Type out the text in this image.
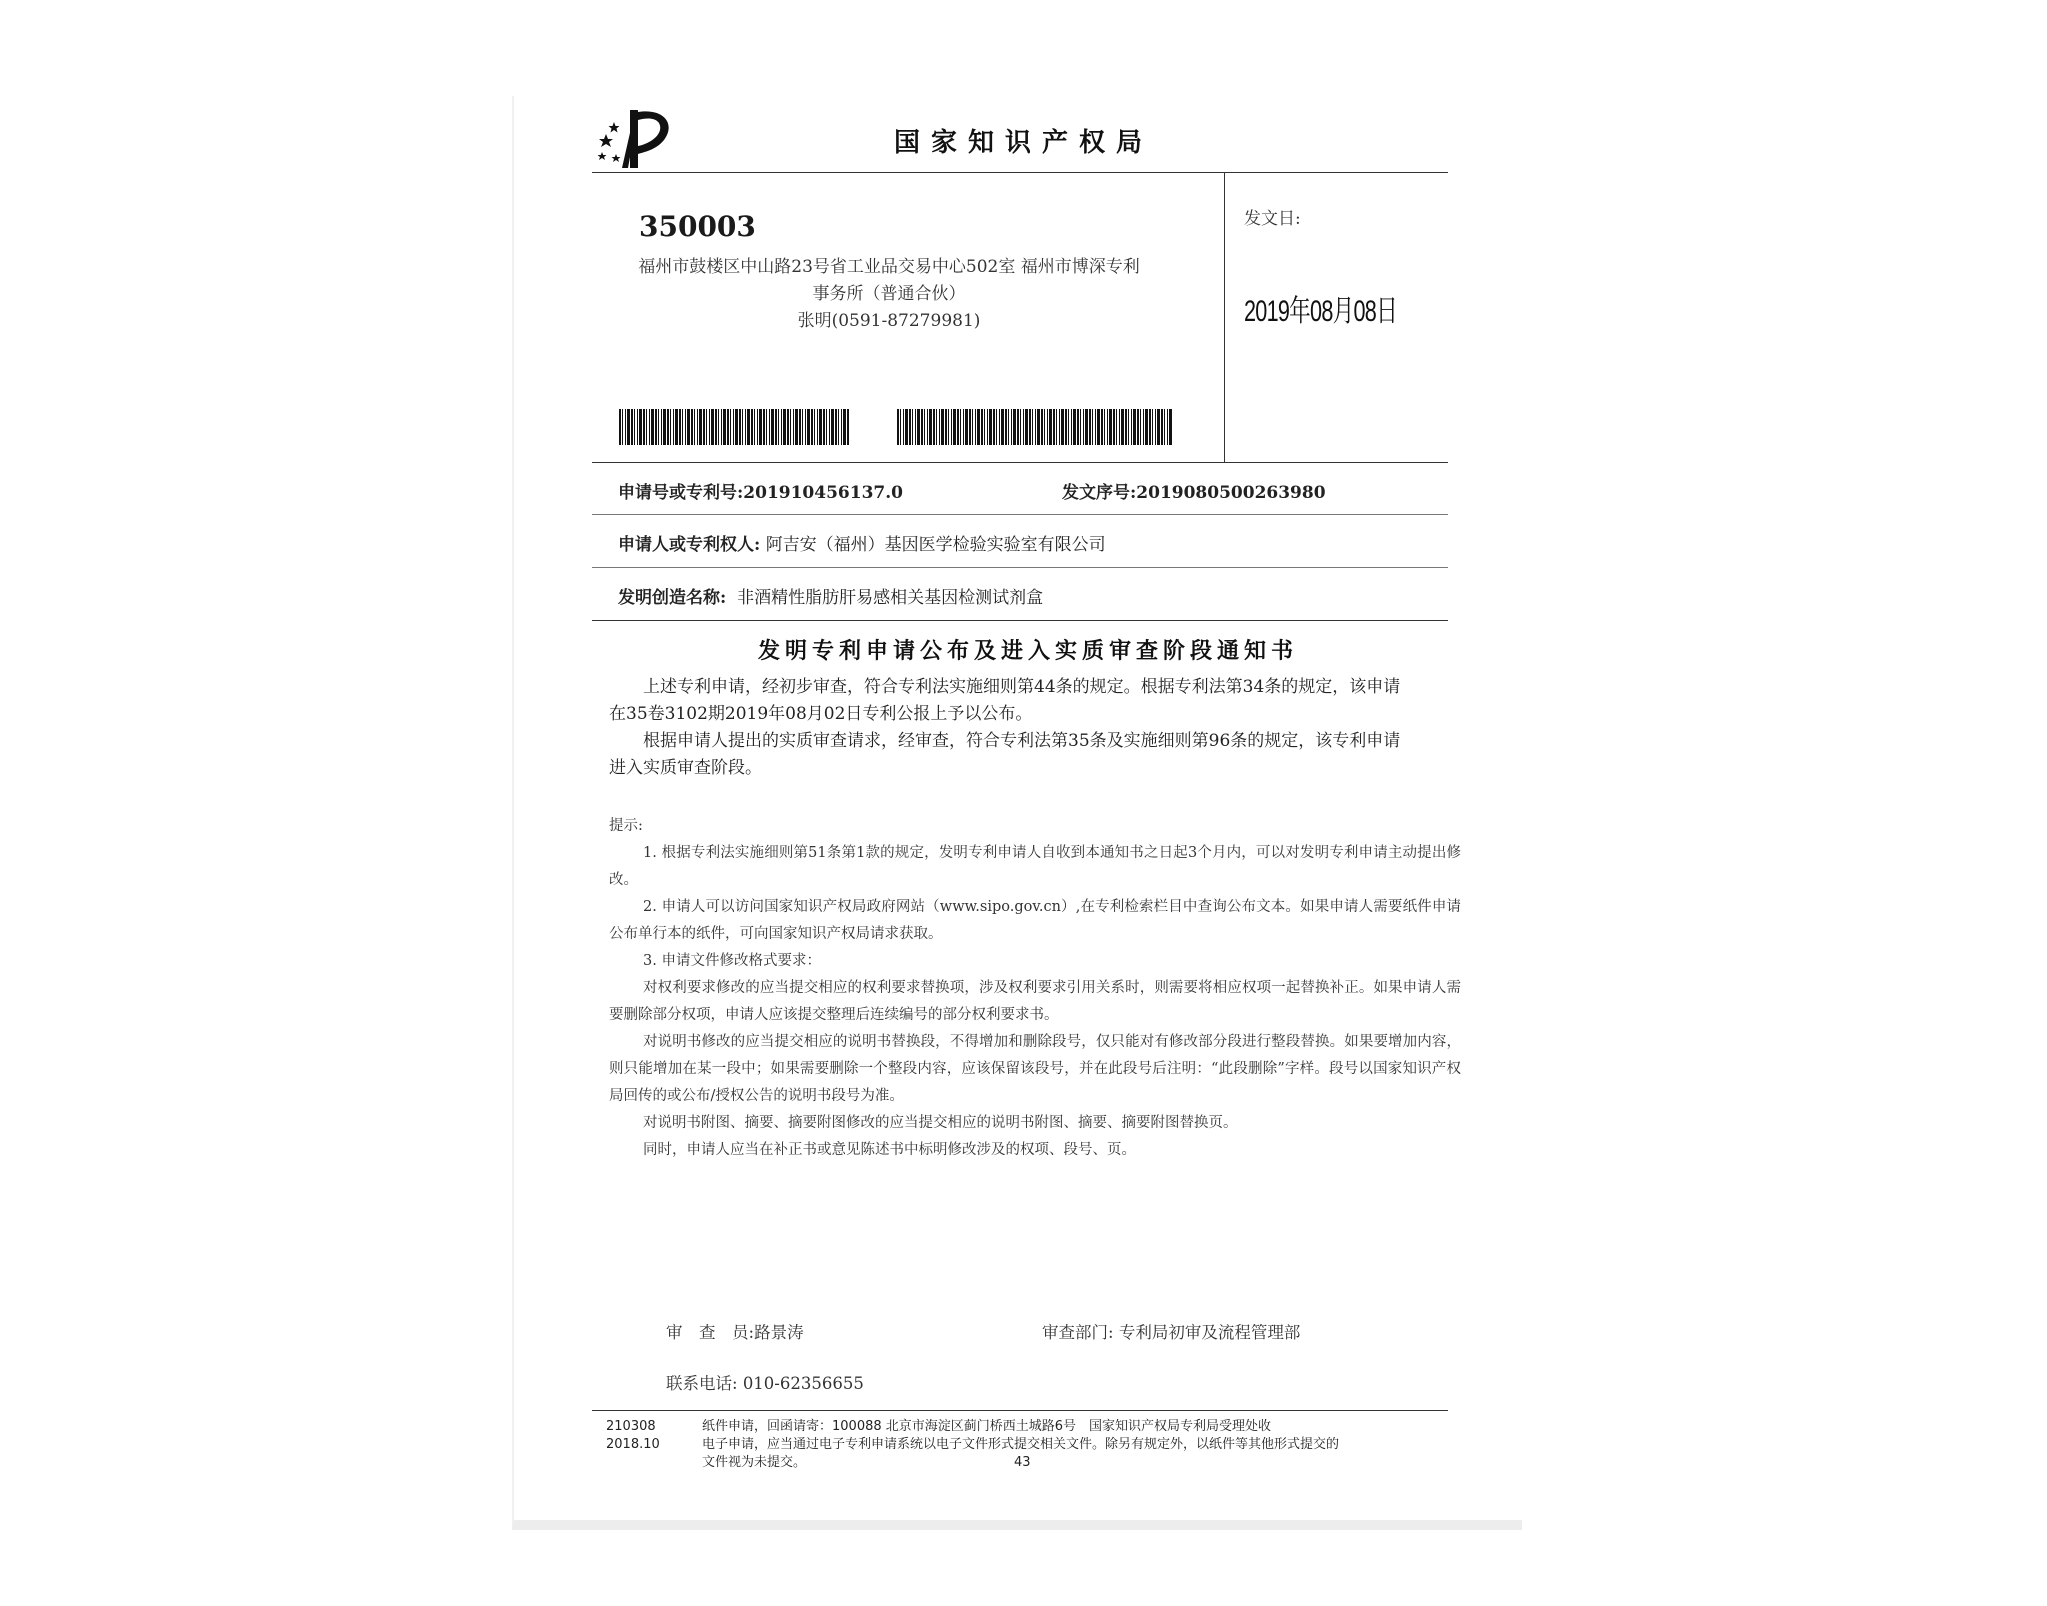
国家知识产权局
350003
福州市鼓楼区中山路23号省工业品交易中心502室 福州市博深专利
事务所（普通合伙）
张明(0591-87279981)
发文日:
2019年08月08日
申请号或专利号:201910456137.0	发文序号:2019080500263980
申请人或专利权人: 阿吉安（福州）基因医学检验实验室有限公司
发明创造名称: 非酒精性脂肪肝易感相关基因检测试剂盒
发明专利申请公布及进入实质审查阶段通知书
上述专利申请，经初步审查，符合专利法实施细则第44条的规定。根据专利法第34条的规定，该申请
在35卷3102期2019年08月02日专利公报上予以公布。
根据申请人提出的实质审查请求，经审查，符合专利法第35条及实施细则第96条的规定，该专利申请
进入实质审查阶段。

提示:

1. 根据专利法实施细则第51条第1款的规定，发明专利申请人自收到本通知书之日起3个月内，可以对发明专利申请主动提出修改。

2. 申请人可以访问国家知识产权局政府网站（www.sipo.gov.cn）,在专利检索栏目中查询公布文本。如果申请人需要纸件申请公布单行本的纸件，可向国家知识产权局请求获取。

3. 申请文件修改格式要求：

对权利要求修改的应当提交相应的权利要求替换项，涉及权利要求引用关系时，则需要将相应权项一起替换补正。如果申请人需要删除部分权项，申请人应该提交整理后连续编号的部分权利要求书。

对说明书修改的应当提交相应的说明书替换段，不得增加和删除段号，仅只能对有修改部分段进行整段替换。如果要增加内容，则只能增加在某一段中；如果需要删除一个整段内容，应该保留该段号，并在此段号后注明：“此段删除”字样。段号以国家知识产权局回传的或公布/授权公告的说明书段号为准。

对说明书附图、摘要、摘要附图修改的应当提交相应的说明书附图、摘要、摘要附图替换页。

同时，申请人应当在补正书或意见陈述书中标明修改涉及的权项、段号、页。

审　查　员:路景涛	审查部门: 专利局初审及流程管理部
联系电话: 010-62356655
210308
2018.10
纸件申请，回函请寄：100088 北京市海淀区蓟门桥西土城路6号　国家知识产权局专利局受理处收
电子申请，应当通过电子专利申请系统以电子文件形式提交相关文件。除另有规定外，以纸件等其他形式提交的
文件视为未提交。	43
